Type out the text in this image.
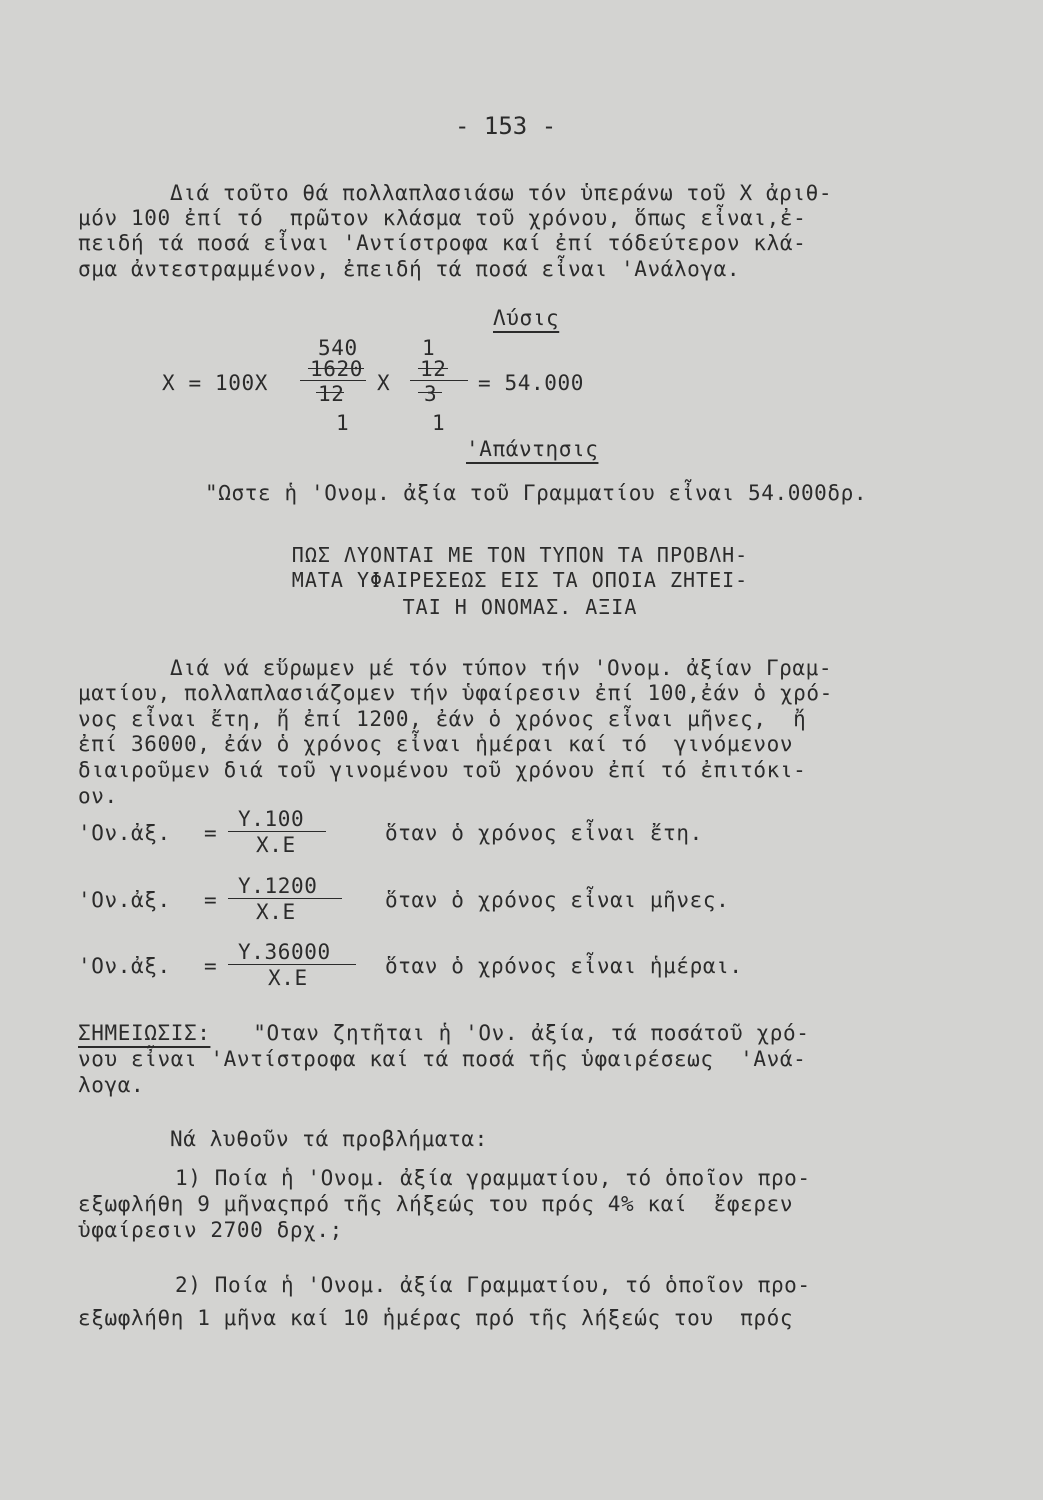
- 153 -
Διά τοῦτο θά πολλαπλασιάσω τόν ὑπεράνω τοῦ Χ ἀριθ-
μόν 100 ἐπί τό  πρῶτον κλάσμα τοῦ χρόνου, ὅπως εἶναι,ἐ-
πειδή τά ποσά εἶναι 'Αντίστροφα καί ἐπί τόδεύτερον κλά-
σμα ἀντεστραμμένον, ἐπειδή τά ποσά εἶναι 'Ανάλογα.
Λύσις
540	1
Χ = 100Χ
1620
12 Χ
12
3 = 54.000
1	1
'Απάντησις
"Ωστε ἡ 'Ονομ. ἀξία τοῦ Γραμματίου εἶναι 54.000δρ.
ΠΩΣ ΛΥΟΝΤΑΙ ΜΕ ΤΟΝ ΤΥΠΟΝ ΤΑ ΠΡΟΒΛΗ-
ΜΑΤΑ ΥΦΑΙΡΕΣΕΩΣ ΕΙΣ ΤΑ ΟΠΟΙΑ ΖΗΤΕΙ-
ΤΑΙ Η ΟΝΟΜΑΣ. ΑΞΙΑ
Διά νά εὕρωμεν μέ τόν τύπον τήν 'Ονομ. ἀξίαν Γραμ-
ματίου, πολλαπλασιάζομεν τήν ὑφαίρεσιν ἐπί 100,ἐάν ὁ χρό-
νος εἶναι ἔτη, ἤ ἐπί 1200, ἐάν ὁ χρόνος εἶναι μῆνες,  ἤ
ἐπί 36000, ἐάν ὁ χρόνος εἶναι ἡμέραι καί τό  γινόμενον
διαιροῦμεν διά τοῦ γινομένου τοῦ χρόνου ἐπί τό ἐπιτόκι-
ον.
'Ον.ἀξ. =
Υ.100
Χ.Ε	ὅταν ὁ χρόνος εἶναι ἔτη.
'Ον.ἀξ. =
Υ.1200
Χ.Ε	ὅταν ὁ χρόνος εἶναι μῆνες.
'Ον.ἀξ. =
Υ.36000
Χ.Ε	ὅταν ὁ χρόνος εἶναι ἡμέραι.
ΣΗΜΕΙΩΣΙΣ: "Οταν ζητῆται ἡ 'Ον. ἀξία, τά ποσάτοῦ χρό-
νου εἶναι 'Αντίστροφα καί τά ποσά τῆς ὑφαιρέσεως  'Ανά-
λογα.
Νά λυθοῦν τά προβλήματα:
1) Ποία ἡ 'Ονομ. ἀξία γραμματίου, τό ὁποῖον προ-
εξωφλήθη 9 μῆναςπρό τῆς λήξεώς του πρός 4% καί  ἔφερεν
ὑφαίρεσιν 2700 δρχ.;
2) Ποία ἡ 'Ονομ. ἀξία Γραμματίου, τό ὁποῖον προ-
εξωφλήθη 1 μῆνα καί 10 ἡμέρας πρό τῆς λήξεώς του  πρός
